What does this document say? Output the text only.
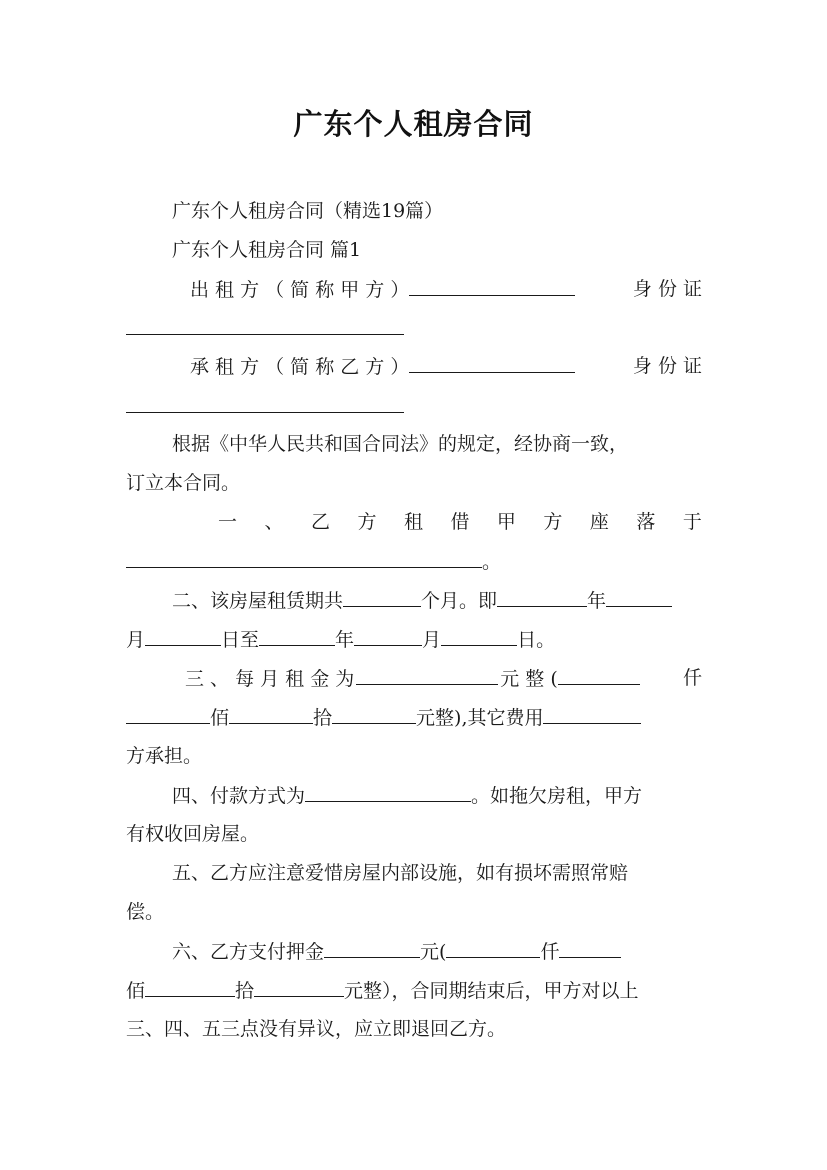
广东个人租房合同
广东个人租房合同（精选19篇）
广东个人租房合同 篇1
出 租 方 （ 简 称 甲 方 ）	身 份 证
承 租 方 （ 简 称 乙 方 ）	身 份 证
根据《中华人民共和国合同法》的规定，经协商一致，
订立本合同。
一 、 乙 方 租 借 甲 方 座 落 于
。
二、该房屋租赁期共	个月。即	年
月	日至	年	月	日。
三 、 每 月 租 金 为	元 整 (	仟
佰	拾	元整),其它费用
方承担。
四、付款方式为	。如拖欠房租，甲方
有权收回房屋。
五、乙方应注意爱惜房屋内部设施，如有损坏需照常赔
偿。
六、乙方支付押金	元(	仟
佰	拾	元整），合同期结束后，甲方对以上
三、四、五三点没有异议，应立即退回乙方。
